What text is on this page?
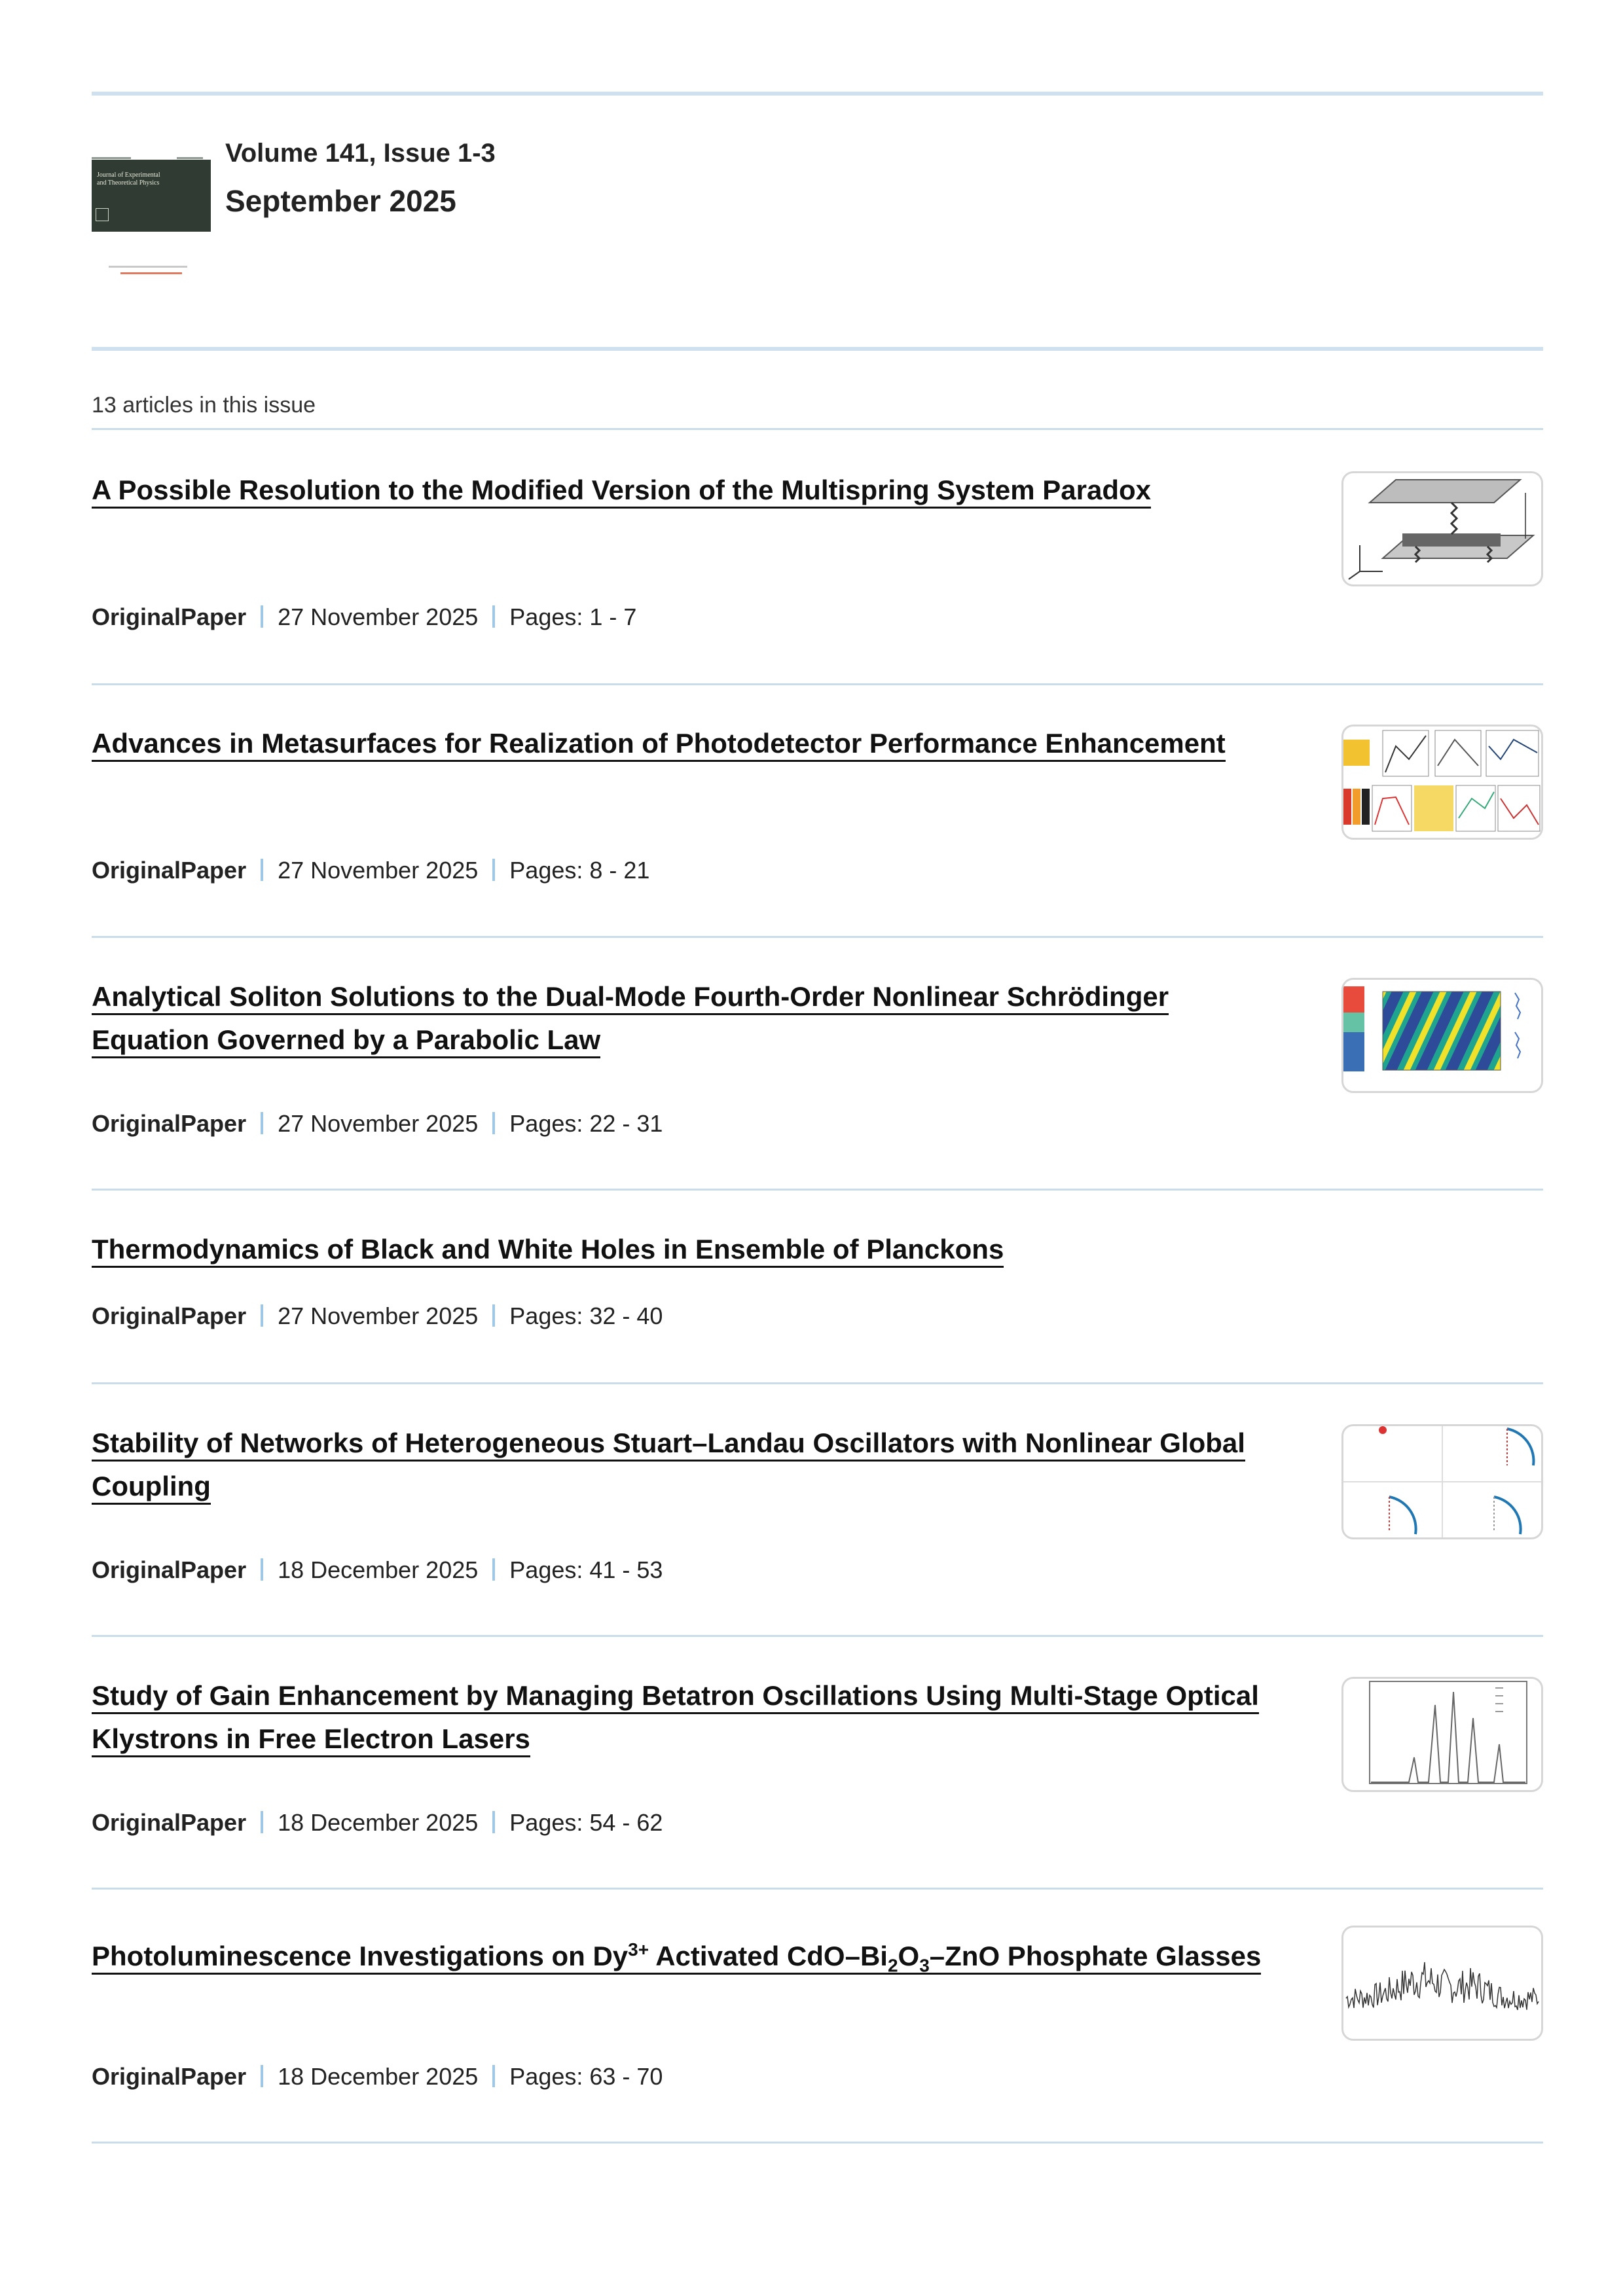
Journal of Experimental and Theoretical Physics
Volume 141, Issue 1-3
September 2025
13 articles in this issue
A Possible Resolution to the Modified Version of the Multispring System Paradox
OriginalPaper 27 November 2025 Pages: 1 - 7
Advances in Metasurfaces for Realization of Photodetector Performance Enhancement
OriginalPaper 27 November 2025 Pages: 8 - 21
Analytical Soliton Solutions to the Dual-Mode Fourth-Order Nonlinear Schrödinger Equation Governed by a Parabolic Law
OriginalPaper 27 November 2025 Pages: 22 - 31
Thermodynamics of Black and White Holes in Ensemble of Planckons
OriginalPaper 27 November 2025 Pages: 32 - 40
Stability of Networks of Heterogeneous Stuart–Landau Oscillators with Nonlinear Global Coupling
OriginalPaper 18 December 2025 Pages: 41 - 53
Study of Gain Enhancement by Managing Betatron Oscillations Using Multi-Stage Optical Klystrons in Free Electron Lasers
OriginalPaper 18 December 2025 Pages: 54 - 62
Photoluminescence Investigations on $Dy^{3+}$ Activated CdO–$Bi_2O_3$–ZnO Phosphate Glasses
OriginalPaper 18 December 2025 Pages: 63 - 70
